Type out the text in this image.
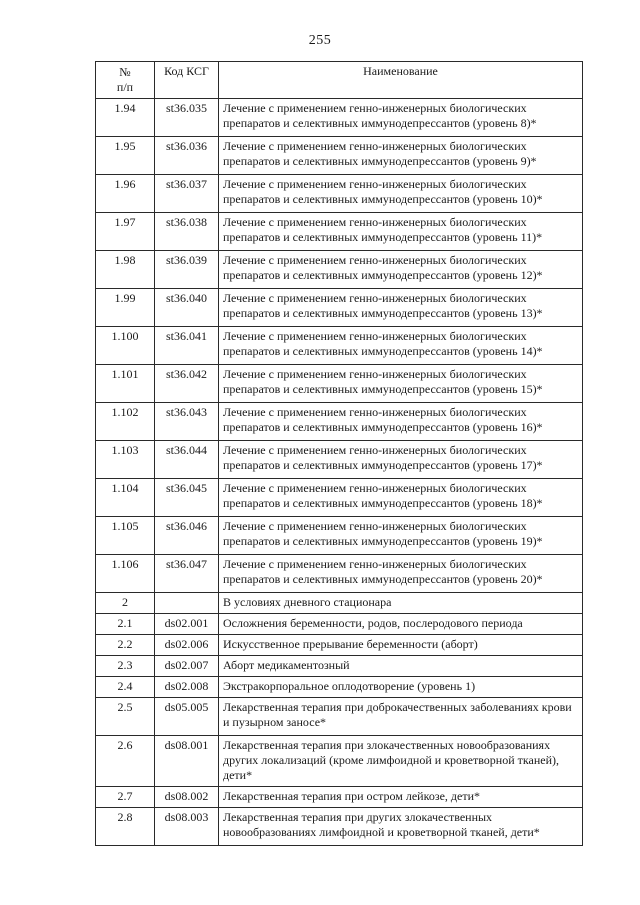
255
№
п/п	Код КСГ	Наименование
1.94	st36.035	Лечение с применением генно-инженерных биологических препаратов и селективных иммунодепрессантов (уровень 8)*
1.95	st36.036	Лечение с применением генно-инженерных биологических препаратов и селективных иммунодепрессантов (уровень 9)*
1.96	st36.037	Лечение с применением генно-инженерных биологических препаратов и селективных иммунодепрессантов (уровень 10)*
1.97	st36.038	Лечение с применением генно-инженерных биологических препаратов и селективных иммунодепрессантов (уровень 11)*
1.98	st36.039	Лечение с применением генно-инженерных биологических препаратов и селективных иммунодепрессантов (уровень 12)*
1.99	st36.040	Лечение с применением генно-инженерных биологических препаратов и селективных иммунодепрессантов (уровень 13)*
1.100	st36.041	Лечение с применением генно-инженерных биологических препаратов и селективных иммунодепрессантов (уровень 14)*
1.101	st36.042	Лечение с применением генно-инженерных биологических препаратов и селективных иммунодепрессантов (уровень 15)*
1.102	st36.043	Лечение с применением генно-инженерных биологических препаратов и селективных иммунодепрессантов (уровень 16)*
1.103	st36.044	Лечение с применением генно-инженерных биологических препаратов и селективных иммунодепрессантов (уровень 17)*
1.104	st36.045	Лечение с применением генно-инженерных биологических препаратов и селективных иммунодепрессантов (уровень 18)*
1.105	st36.046	Лечение с применением генно-инженерных биологических препаратов и селективных иммунодепрессантов (уровень 19)*
1.106	st36.047	Лечение с применением генно-инженерных биологических препаратов и селективных иммунодепрессантов (уровень 20)*
2		В условиях дневного стационара
2.1	ds02.001	Осложнения беременности, родов, послеродового периода
2.2	ds02.006	Искусственное прерывание беременности (аборт)
2.3	ds02.007	Аборт медикаментозный
2.4	ds02.008	Экстракорпоральное оплодотворение (уровень 1)
2.5	ds05.005	Лекарственная терапия при доброкачественных заболеваниях крови и пузырном заносе*
2.6	ds08.001	Лекарственная терапия при злокачественных новообразованиях других локализаций (кроме лимфоидной и кроветворной тканей), дети*
2.7	ds08.002	Лекарственная терапия при остром лейкозе, дети*
2.8	ds08.003	Лекарственная терапия при других злокачественных новообразованиях лимфоидной и кроветворной тканей, дети*
